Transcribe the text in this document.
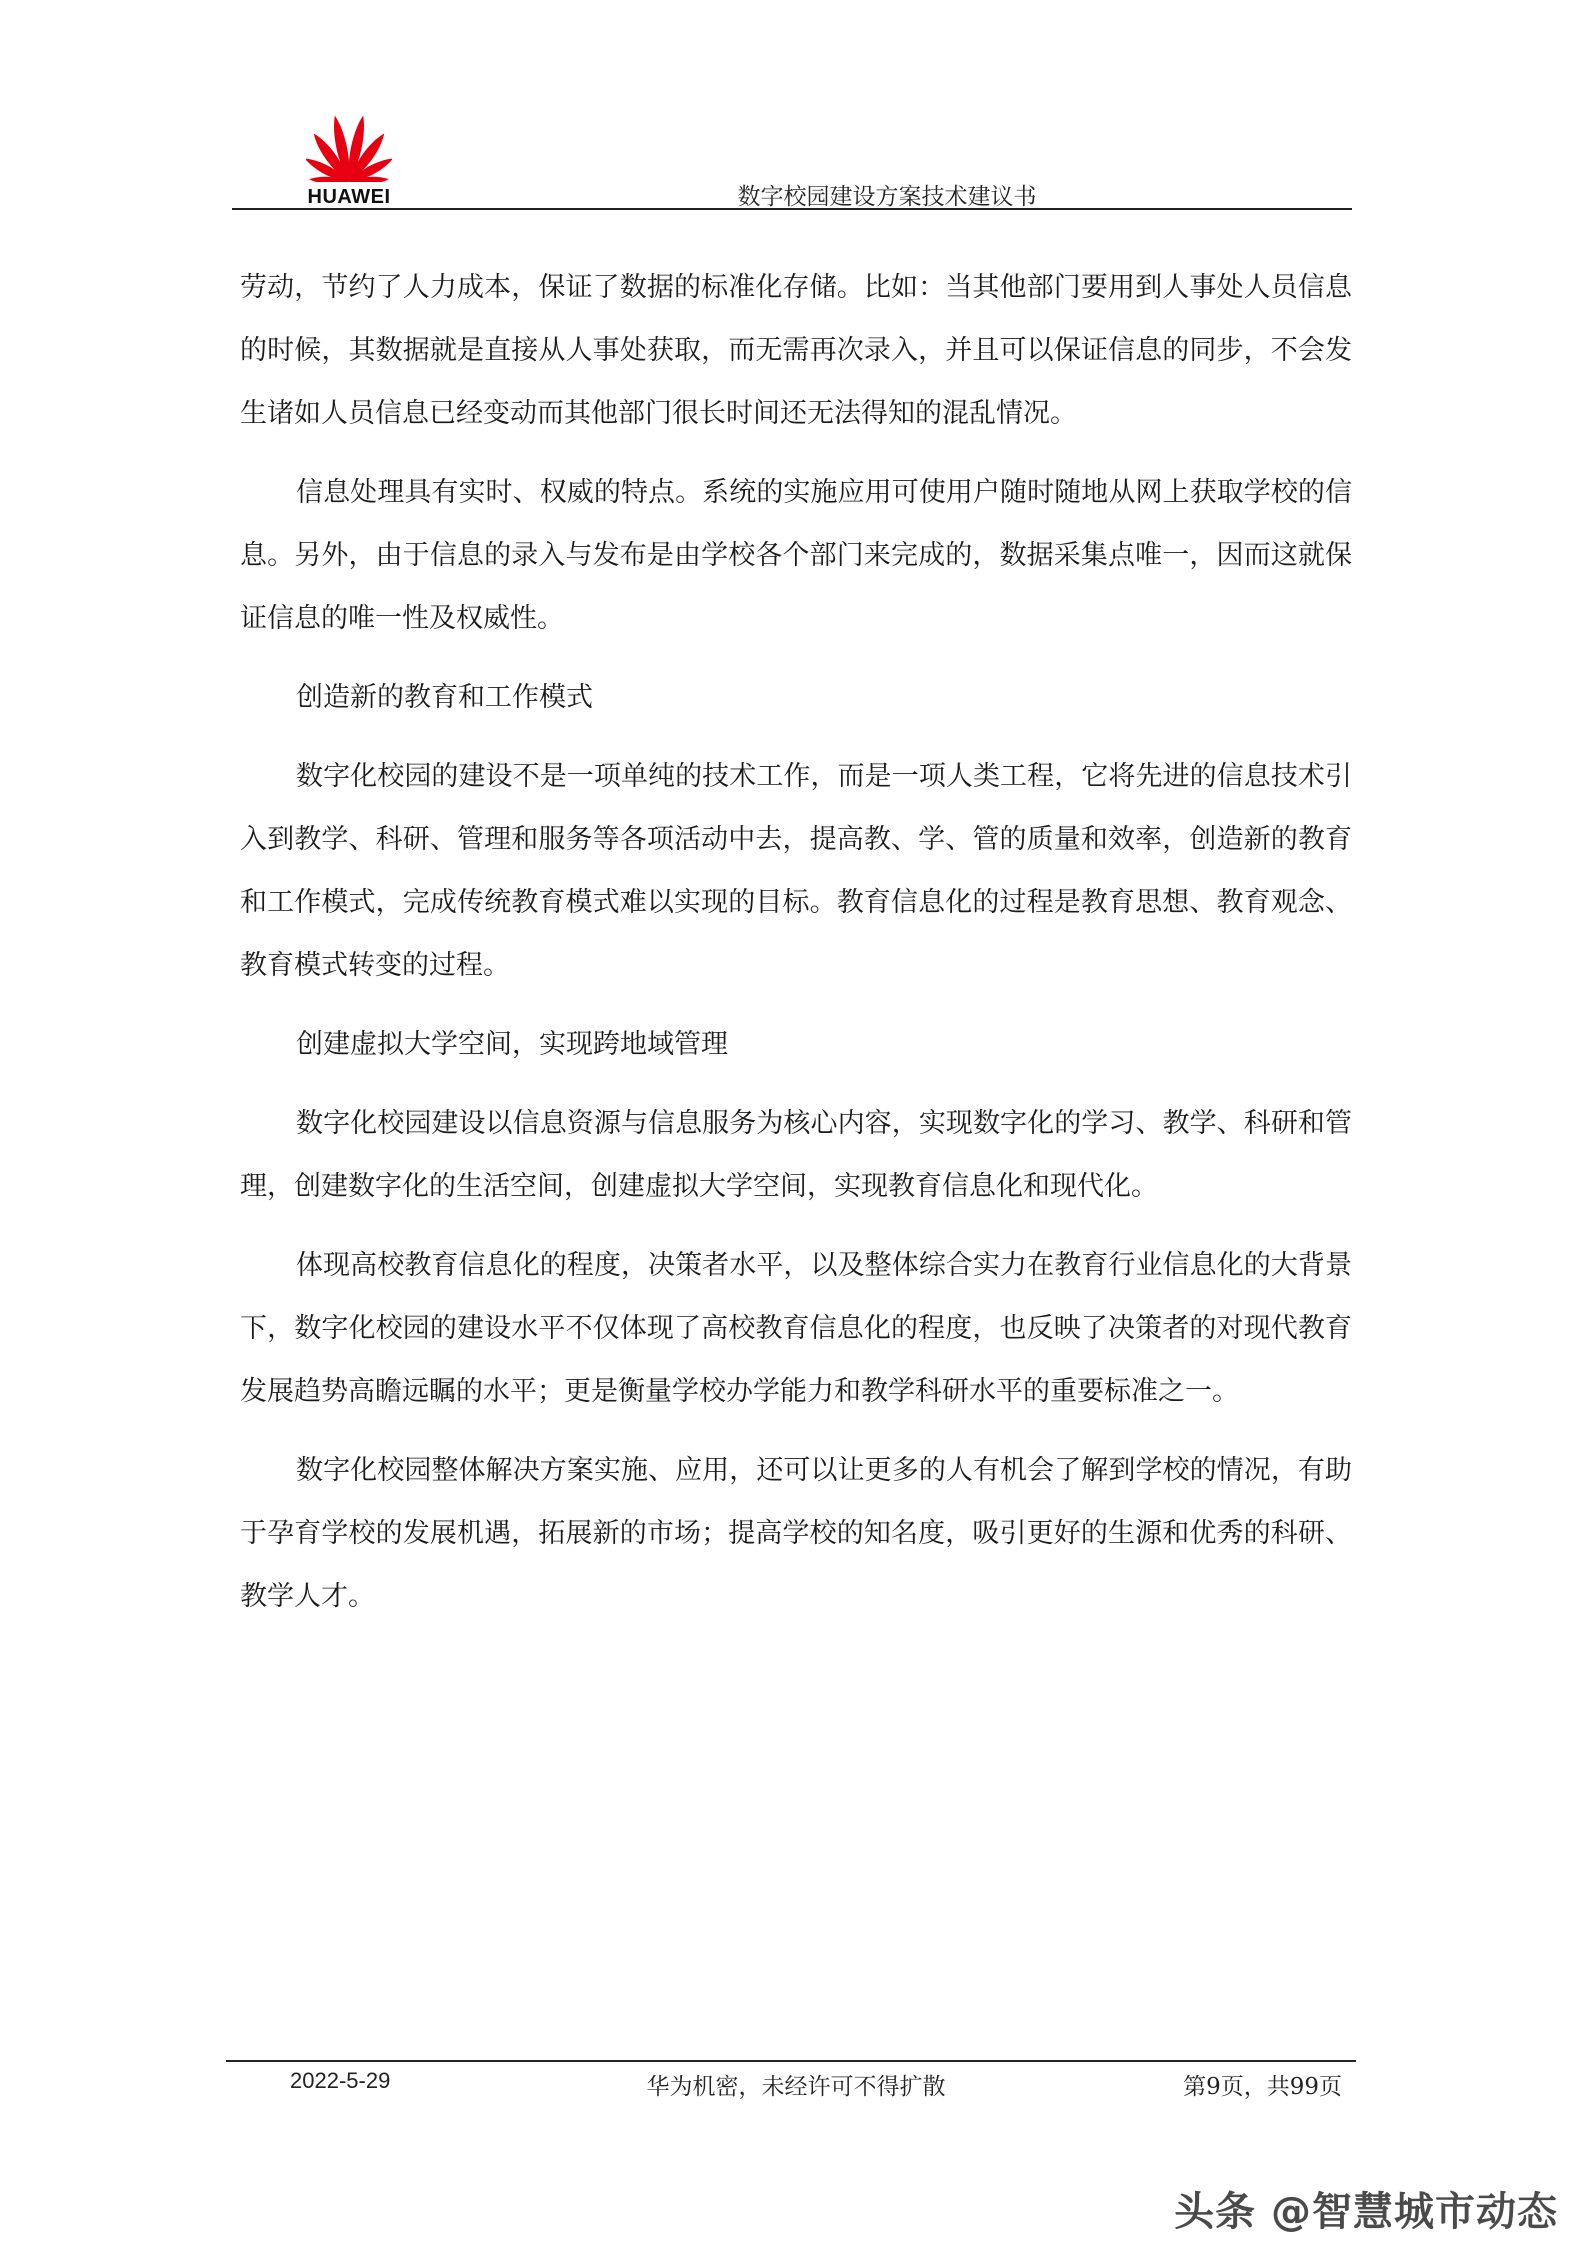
HUAWEI	数字校园建设方案技术建议书

劳动，节约了人力成本，保证了数据的标准化存储。比如：当其他部门要用到人事处人员信息的时候，其数据就是直接从人事处获取，而无需再次录入，并且可以保证信息的同步，不会发生诸如人员信息已经变动而其他部门很长时间还无法得知的混乱情况。

信息处理具有实时、权威的特点。系统的实施应用可使用户随时随地从网上获取学校的信息。另外，由于信息的录入与发布是由学校各个部门来完成的，数据采集点唯一，因而这就保证信息的唯一性及权威性。

创造新的教育和工作模式

数字化校园的建设不是一项单纯的技术工作，而是一项人类工程，它将先进的信息技术引入到教学、科研、管理和服务等各项活动中去，提高教、学、管的质量和效率，创造新的教育和工作模式，完成传统教育模式难以实现的目标。教育信息化的过程是教育思想、教育观念、教育模式转变的过程。

创建虚拟大学空间，实现跨地域管理

数字化校园建设以信息资源与信息服务为核心内容，实现数字化的学习、教学、科研和管理，创建数字化的生活空间，创建虚拟大学空间，实现教育信息化和现代化。

体现高校教育信息化的程度，决策者水平，以及整体综合实力在教育行业信息化的大背景下，数字化校园的建设水平不仅体现了高校教育信息化的程度，也反映了决策者的对现代教育发展趋势高瞻远瞩的水平；更是衡量学校办学能力和教学科研水平的重要标准之一。

数字化校园整体解决方案实施、应用，还可以让更多的人有机会了解到学校的情况，有助于孕育学校的发展机遇，拓展新的市场；提高学校的知名度，吸引更好的生源和优秀的科研、教学人才。

2022-5-29	华为机密，未经许可不得扩散	第9页，共99页
头条 @智慧城市动态
